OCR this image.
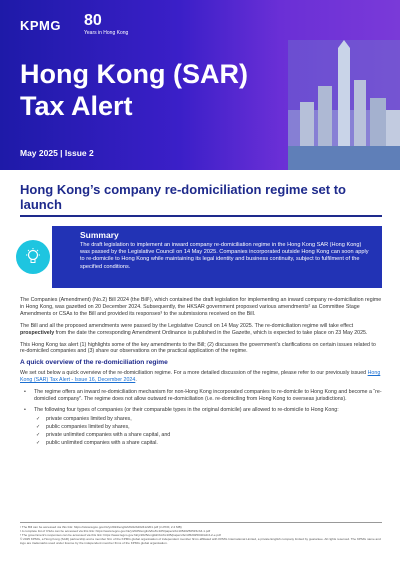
KPMG 80
Years in Hong Kong
Hong Kong (SAR) Tax Alert
May 2025 | Issue 2
Hong Kong’s company re-domiciliation regime set to launch
Summary
The draft legislation to implement an inward company re-domiciliation regime in the Hong Kong SAR (Hong Kong) was passed by the Legislative Council on 14 May 2025. Companies incorporated outside Hong Kong can soon apply to re-domicile to Hong Kong while maintaining its legal identity and business continuity, subject to fulfilment of the specified conditions.

The Companies (Amendment) (No.2) Bill 2024 (the Bill¹), which contained the draft legislation for implementing an inward company re-domiciliation regime in Hong Kong, was gazetted on 20 December 2024. Subsequently, the HKSAR government proposed various amendments² as Committee Stage Amendments or CSAs to the Bill and provided its responses³ to the submissions received on the Bill.

The Bill and all the proposed amendments were passed by the Legislative Council on 14 May 2025. The re-domiciliation regime will take effect prospectively from the date the corresponding Amendment Ordinance is published in the Gazette, which is expected to take place on 23 May 2025.

This Hong Kong tax alert (1) highlights some of the key amendments to the Bill; (2) discusses the government’s clarifications on certain issues related to re-domiciled companies and (3) share our observations on the practical application of the regime.

A quick overview of the re-domiciliation regime

We set out below a quick overview of the re-domiciliation regime. For a more detailed discussion of the regime, please refer to our previously issued Hong Kong (SAR) Tax Alert - Issue 16, December 2024.

• The regime offers an inward re-domiciliation mechanism for non-Hong Kong incorporated companies to re-domicile to Hong Kong and become a “re-domiciled company”. The regime does not allow outward re-domiciliation (i.e. re-domiciling from Hong Kong to overseas jurisdictions).
• The following four types of companies (or their comparable types in the original domicile) are allowed to re-domicile to Hong Kong:
✓ private companies limited by shares,
✓ public companies limited by shares,
✓ private unlimited companies with a share capital, and
✓ public unlimited companies with a share capital.
¹ The Bill can be accessed via this link: https://www.legco.gov.hk/yr2024/english/bills/b202412201.pdf (in PDF, 2.2 MB)
² A complete list of CSAs can be accessed via this link: https://www.legco.gov.hk/yr2025/english/bc/bc105/papers/bc10520250515cb3-1.pdf
³ The government's responses can be accessed via this link: https://www.legco.gov.hk/yr2025/english/bc/bc105/papers/bc10520250401cb3-2-e.pdf
© 2025 KPMG, a Hong Kong (SAR) partnership and a member firm of the KPMG global organisation of independent member firms affiliated with KPMG International Limited, a private English company limited by guarantee. All rights reserved. The KPMG name and logo are trademarks used under license by the independent member firms of the KPMG global organisation.
